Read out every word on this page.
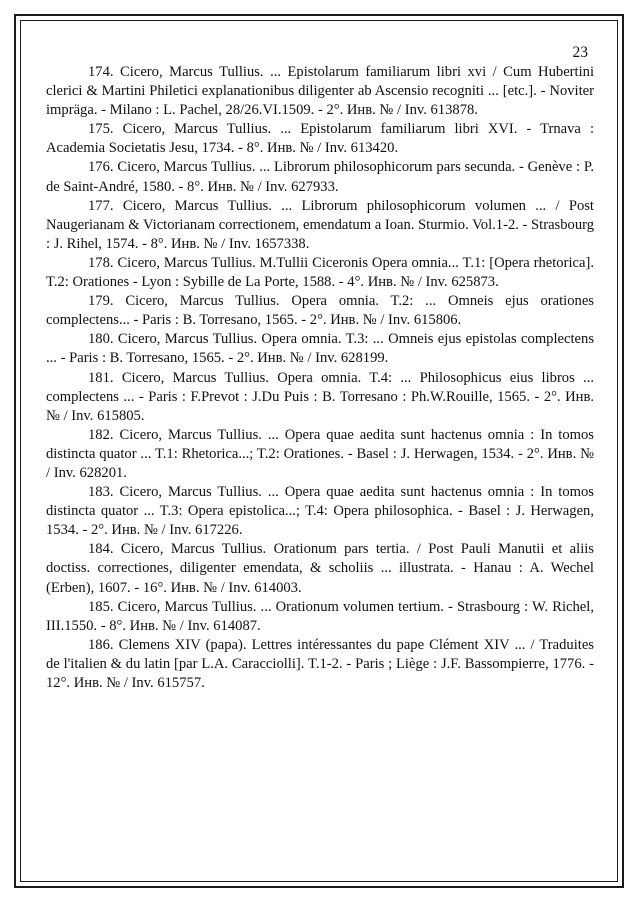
23

174. Cicero, Marcus Tullius. ... Epistolarum familiarum libri xvi / Cum Hubertini clerici & Martini Philetici explanationibus diligenter ab Ascensio recogniti ... [etc.]. - Noviter impräga. - Milano : L. Pachel, 28/26.VI.1509. - 2°. Инв. № / Inv. 613878.

175. Cicero, Marcus Tullius. ... Epistolarum familiarum libri XVI. - Trnava : Academia Societatis Jesu, 1734. - 8°. Инв. № / Inv. 613420.

176. Cicero, Marcus Tullius. ... Librorum philosophicorum pars secunda. - Genève : P. de Saint-André, 1580. - 8°. Инв. № / Inv. 627933.

177. Cicero, Marcus Tullius. ... Librorum philosophicorum volumen ... / Post Naugerianam & Victorianam correctionem, emendatum a Ioan. Sturmio. Vol.1-2. - Strasbourg : J. Rihel, 1574. - 8°. Инв. № / Inv. 1657338.

178. Cicero, Marcus Tullius. M.Tullii Ciceronis Opera omnia... T.1: [Opera rhetorica]. T.2: Orationes - Lyon : Sybille de La Porte, 1588. - 4°. Инв. № / Inv. 625873.

179. Cicero, Marcus Tullius. Opera omnia. T.2: ... Omneis ejus orationes complectens... - Paris : B. Torresano, 1565. - 2°. Инв. № / Inv. 615806.

180. Cicero, Marcus Tullius. Opera omnia. T.3: ... Omneis ejus epistolas complectens ... - Paris : B. Torresano, 1565. - 2°. Инв. № / Inv. 628199.

181. Cicero, Marcus Tullius. Opera omnia. T.4: ... Philosophicus eius libros ... complectens ... - Paris : F.Prevot : J.Du Puis : B. Torresano : Ph.W.Rouille, 1565. - 2°. Инв. № / Inv. 615805.

182. Cicero, Marcus Tullius. ... Opera quae aedita sunt hactenus omnia : In tomos distincta quator ... T.1: Rhetorica...; T.2: Orationes. - Basel : J. Herwagen, 1534. - 2°. Инв. № / Inv. 628201.

183. Cicero, Marcus Tullius. ... Opera quae aedita sunt hactenus omnia : In tomos distincta quator ... T.3: Opera epistolica...; T.4: Opera philosophica. - Basel : J. Herwagen, 1534. - 2°. Инв. № / Inv. 617226.

184. Cicero, Marcus Tullius. Orationum pars tertia. / Post Pauli Manutii et aliis doctiss. correctiones, diligenter emendata, & scholiis ... illustrata. - Hanau : A. Wechel (Erben), 1607. - 16°. Инв. № / Inv. 614003.

185. Cicero, Marcus Tullius. ... Orationum volumen tertium. - Strasbourg : W. Richel, III.1550. - 8°. Инв. № / Inv. 614087.

186. Clemens XIV (papa). Lettres intéressantes du pape Clément XIV ... / Traduites de l'italien & du latin [par L.A. Caracciolli]. T.1-2. - Paris ; Liège : J.F. Bassompierre, 1776. - 12°. Инв. № / Inv. 615757.
